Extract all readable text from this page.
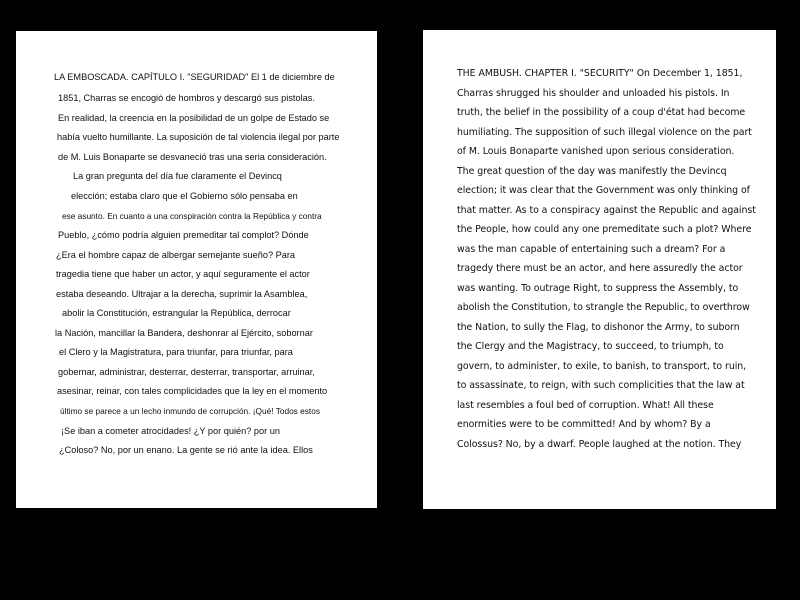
LA EMBOSCADA. CAPÍTULO I. "SEGURIDAD" El 1 de diciembre de
1851, Charras se encogió de hombros y descargó sus pistolas.
En realidad, la creencia en la posibilidad de un golpe de Estado se
había vuelto humillante. La suposición de tal violencia ilegal por parte
de M. Luis Bonaparte se desvaneció tras una seria consideración.
La gran pregunta del día fue claramente el Devincq
elección; estaba claro que el Gobierno sólo pensaba en
ese asunto. En cuanto a una conspiración contra la República y contra
Pueblo, ¿cómo podría alguien premeditar tal complot? Dónde
¿Era el hombre capaz de albergar semejante sueño? Para
tragedia tiene que haber un actor, y aquí seguramente el actor
estaba deseando. Ultrajar a la derecha, suprimir la Asamblea,
abolir la Constitución, estrangular la República, derrocar
la Nación, mancillar la Bandera, deshonrar al Ejército, sobornar
el Clero y la Magistratura, para triunfar, para triunfar, para
gobernar, administrar, desterrar, desterrar, transportar, arruinar,
asesinar, reinar, con tales complicidades que la ley en el momento
último se parece a un lecho inmundo de corrupción. ¡Qué! Todos estos
¡Se iban a cometer atrocidades! ¿Y por quién? por un
¿Coloso? No, por un enano. La gente se rió ante la idea. Ellos
THE AMBUSH. CHAPTER I. "SECURITY" On December 1, 1851,
Charras shrugged his shoulder and unloaded his pistols. In
truth, the belief in the possibility of a coup d'état had become
humiliating. The supposition of such illegal violence on the part
of M. Louis Bonaparte vanished upon serious consideration.
The great question of the day was manifestly the Devincq
election; it was clear that the Government was only thinking of
that matter. As to a conspiracy against the Republic and against
the People, how could any one premeditate such a plot? Where
was the man capable of entertaining such a dream? For a
tragedy there must be an actor, and here assuredly the actor
was wanting. To outrage Right, to suppress the Assembly, to
abolish the Constitution, to strangle the Republic, to overthrow
the Nation, to sully the Flag, to dishonor the Army, to suborn
the Clergy and the Magistracy, to succeed, to triumph, to
govern, to administer, to exile, to banish, to transport, to ruin,
to assassinate, to reign, with such complicities that the law at
last resembles a foul bed of corruption. What! All these
enormities were to be committed! And by whom? By a
Colossus? No, by a dwarf. People laughed at the notion. They
